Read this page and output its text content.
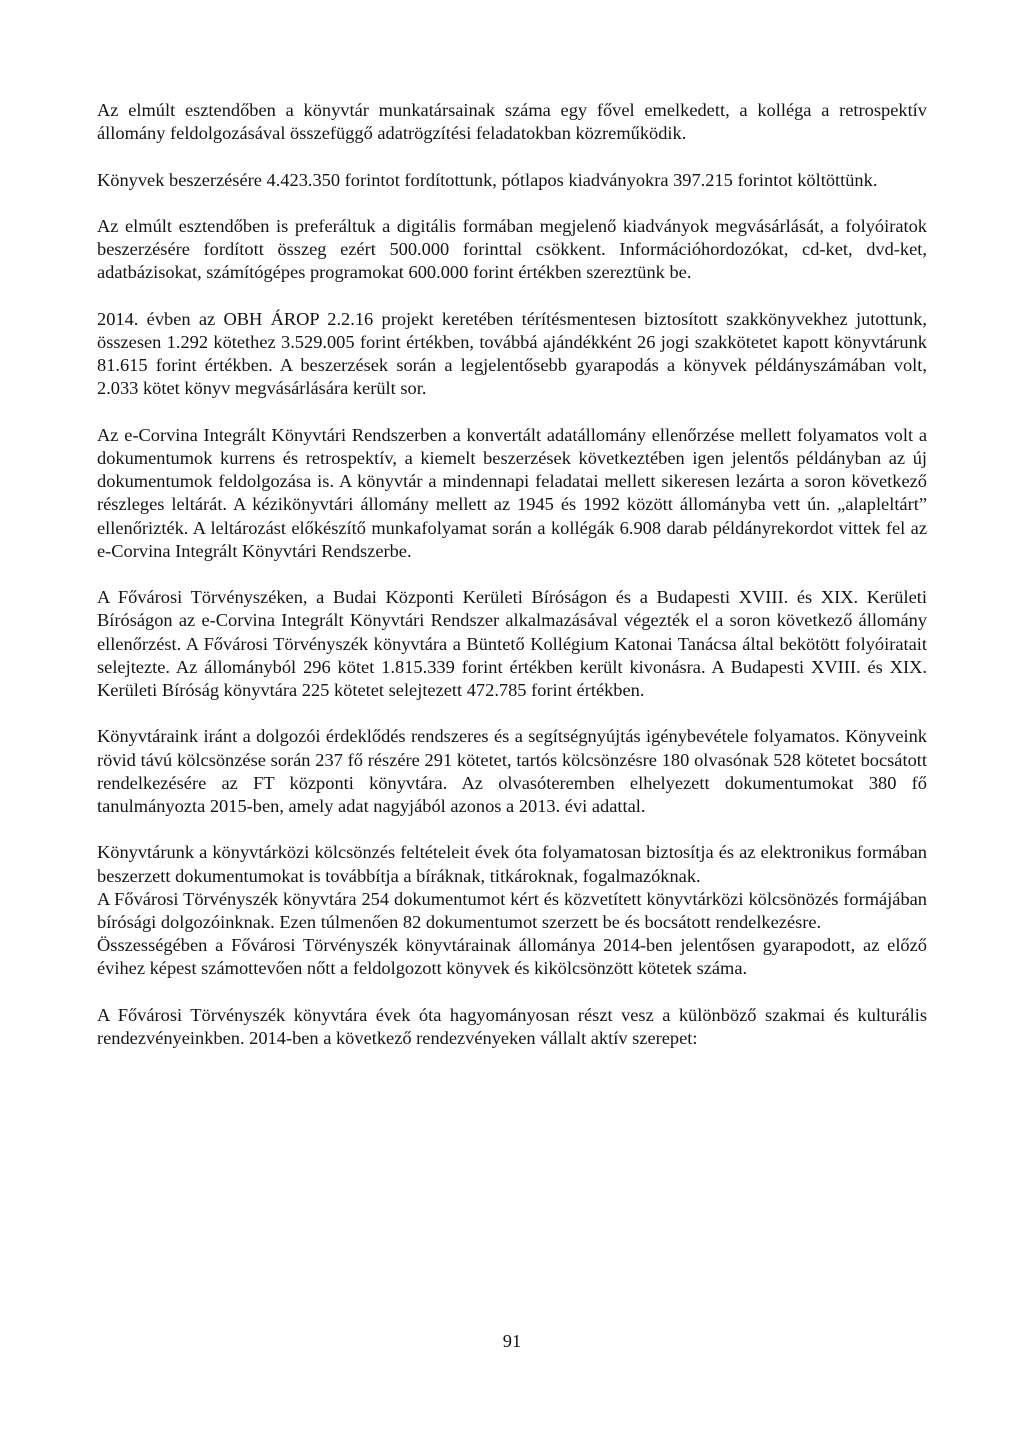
Az elmúlt esztendőben a könyvtár munkatársainak száma egy fővel emelkedett, a kolléga a retrospektív állomány feldolgozásával összefüggő adatrögzítési feladatokban közreműködik.

Könyvek beszerzésére 4.423.350 forintot fordítottunk, pótlapos kiadványokra 397.215 forintot költöttünk.

Az elmúlt esztendőben is preferáltuk a digitális formában megjelenő kiadványok megvásárlását, a folyóiratok beszerzésére fordított összeg ezért 500.000 forinttal csökkent. Információhordozókat, cd-ket, dvd-ket, adatbázisokat, számítógépes programokat 600.000 forint értékben szereztünk be.

2014. évben az OBH ÁROP 2.2.16 projekt keretében térítésmentesen biztosított szakkönyvekhez jutottunk, összesen 1.292 kötethez 3.529.005 forint értékben, továbbá ajándékként 26 jogi szakkötetet kapott könyvtárunk 81.615 forint értékben. A beszerzések során a legjelentősebb gyarapodás a könyvek példányszámában volt, 2.033 kötet könyv megvásárlására került sor.

Az e-Corvina Integrált Könyvtári Rendszerben a konvertált adatállomány ellenőrzése mellett folyamatos volt a dokumentumok kurrens és retrospektív, a kiemelt beszerzések következtében igen jelentős példányban az új dokumentumok feldolgozása is. A könyvtár a mindennapi feladatai mellett sikeresen lezárta a soron következő részleges leltárát. A kézikönyvtári állomány mellett az 1945 és 1992 között állományba vett ún. „alapleltárt” ellenőrizték. A leltározást előkészítő munkafolyamat során a kollégák 6.908 darab példányrekordot vittek fel az e-Corvina Integrált Könyvtári Rendszerbe.

A Fővárosi Törvényszéken, a Budai Központi Kerületi Bíróságon és a Budapesti XVIII. és XIX. Kerületi Bíróságon az e-Corvina Integrált Könyvtári Rendszer alkalmazásával végezték el a soron következő állomány ellenőrzést. A Fővárosi Törvényszék könyvtára a Büntető Kollégium Katonai Tanácsa által bekötött folyóiratait selejtezte. Az állományból 296 kötet 1.815.339 forint értékben került kivonásra. A Budapesti XVIII. és XIX. Kerületi Bíróság könyvtára 225 kötetet selejtezett 472.785 forint értékben.

Könyvtáraink iránt a dolgozói érdeklődés rendszeres és a segítségnyújtás igénybevétele folyamatos. Könyveink rövid távú kölcsönzése során 237 fő részére 291 kötetet, tartós kölcsönzésre 180 olvasónak 528 kötetet bocsátott rendelkezésére az FT központi könyvtára. Az olvasóteremben elhelyezett dokumentumokat 380 fő tanulmányozta 2015-ben, amely adat nagyjából azonos a 2013. évi adattal.

Könyvtárunk a könyvtárközi kölcsönzés feltételeit évek óta folyamatosan biztosítja és az elektronikus formában beszerzett dokumentumokat is továbbítja a bíráknak, titkároknak, fogalmazóknak.

A Fővárosi Törvényszék könyvtára 254 dokumentumot kért és közvetített könyvtárközi kölcsönözés formájában bírósági dolgozóinknak. Ezen túlmenően 82 dokumentumot szerzett be és bocsátott rendelkezésre.

Összességében a Fővárosi Törvényszék könyvtárainak állománya 2014-ben jelentősen gyarapodott, az előző évihez képest számottevően nőtt a feldolgozott könyvek és kikölcsönzött kötetek száma.

A Fővárosi Törvényszék könyvtára évek óta hagyományosan részt vesz a különböző szakmai és kulturális rendezvényeinkben. 2014-ben a következő rendezvényeken vállalt aktív szerepet:

91
